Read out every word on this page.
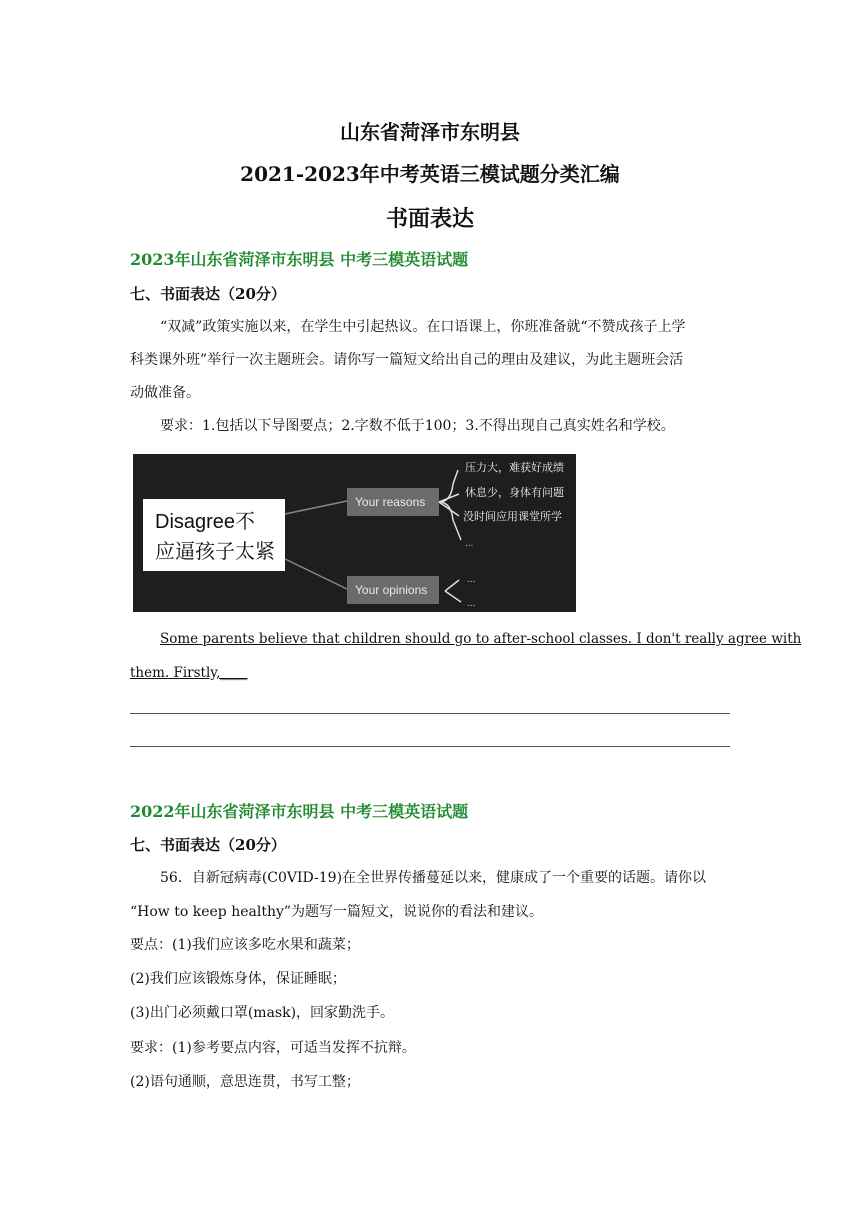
山东省菏泽市东明县
2021-2023年中考英语三模试题分类汇编
书面表达
2023年山东省菏泽市东明县 中考三模英语试题
七、书面表达（20分）
“双减”政策实施以来，在学生中引起热议。在口语课上，你班准备就“不赞成孩子上学
科类课外班”举行一次主题班会。请你写一篇短文给出自己的理由及建议，为此主题班会活
动做准备。
要求：1.包括以下导图要点；2.字数不低于100；3.不得出现自己真实姓名和学校。
Disagree不
应逼孩子太紧
Your reasons
压力大，难获好成绩
休息少，身体有问题
没时间应用课堂所学
...
Your opinions
...
...
Some parents believe that children should go to after-school classes. I don't really agree with
them. Firstly,____
2022年山东省菏泽市东明县 中考三模英语试题
七、书面表达（20分）
56．自新冠病毒(C0VID-19)在全世界传播蔓延以来，健康成了一个重要的话题。请你以
“How to keep healthy”为题写一篇短文，说说你的看法和建议。
要点：(1)我们应该多吃水果和蔬菜；
(2)我们应该锻炼身体，保证睡眠；
(3)出门必须戴口罩(mask)，回家勤洗手。
要求：(1)参考要点内容，可适当发挥不抗辩。
(2)语句通顺，意思连贯，书写工整；
